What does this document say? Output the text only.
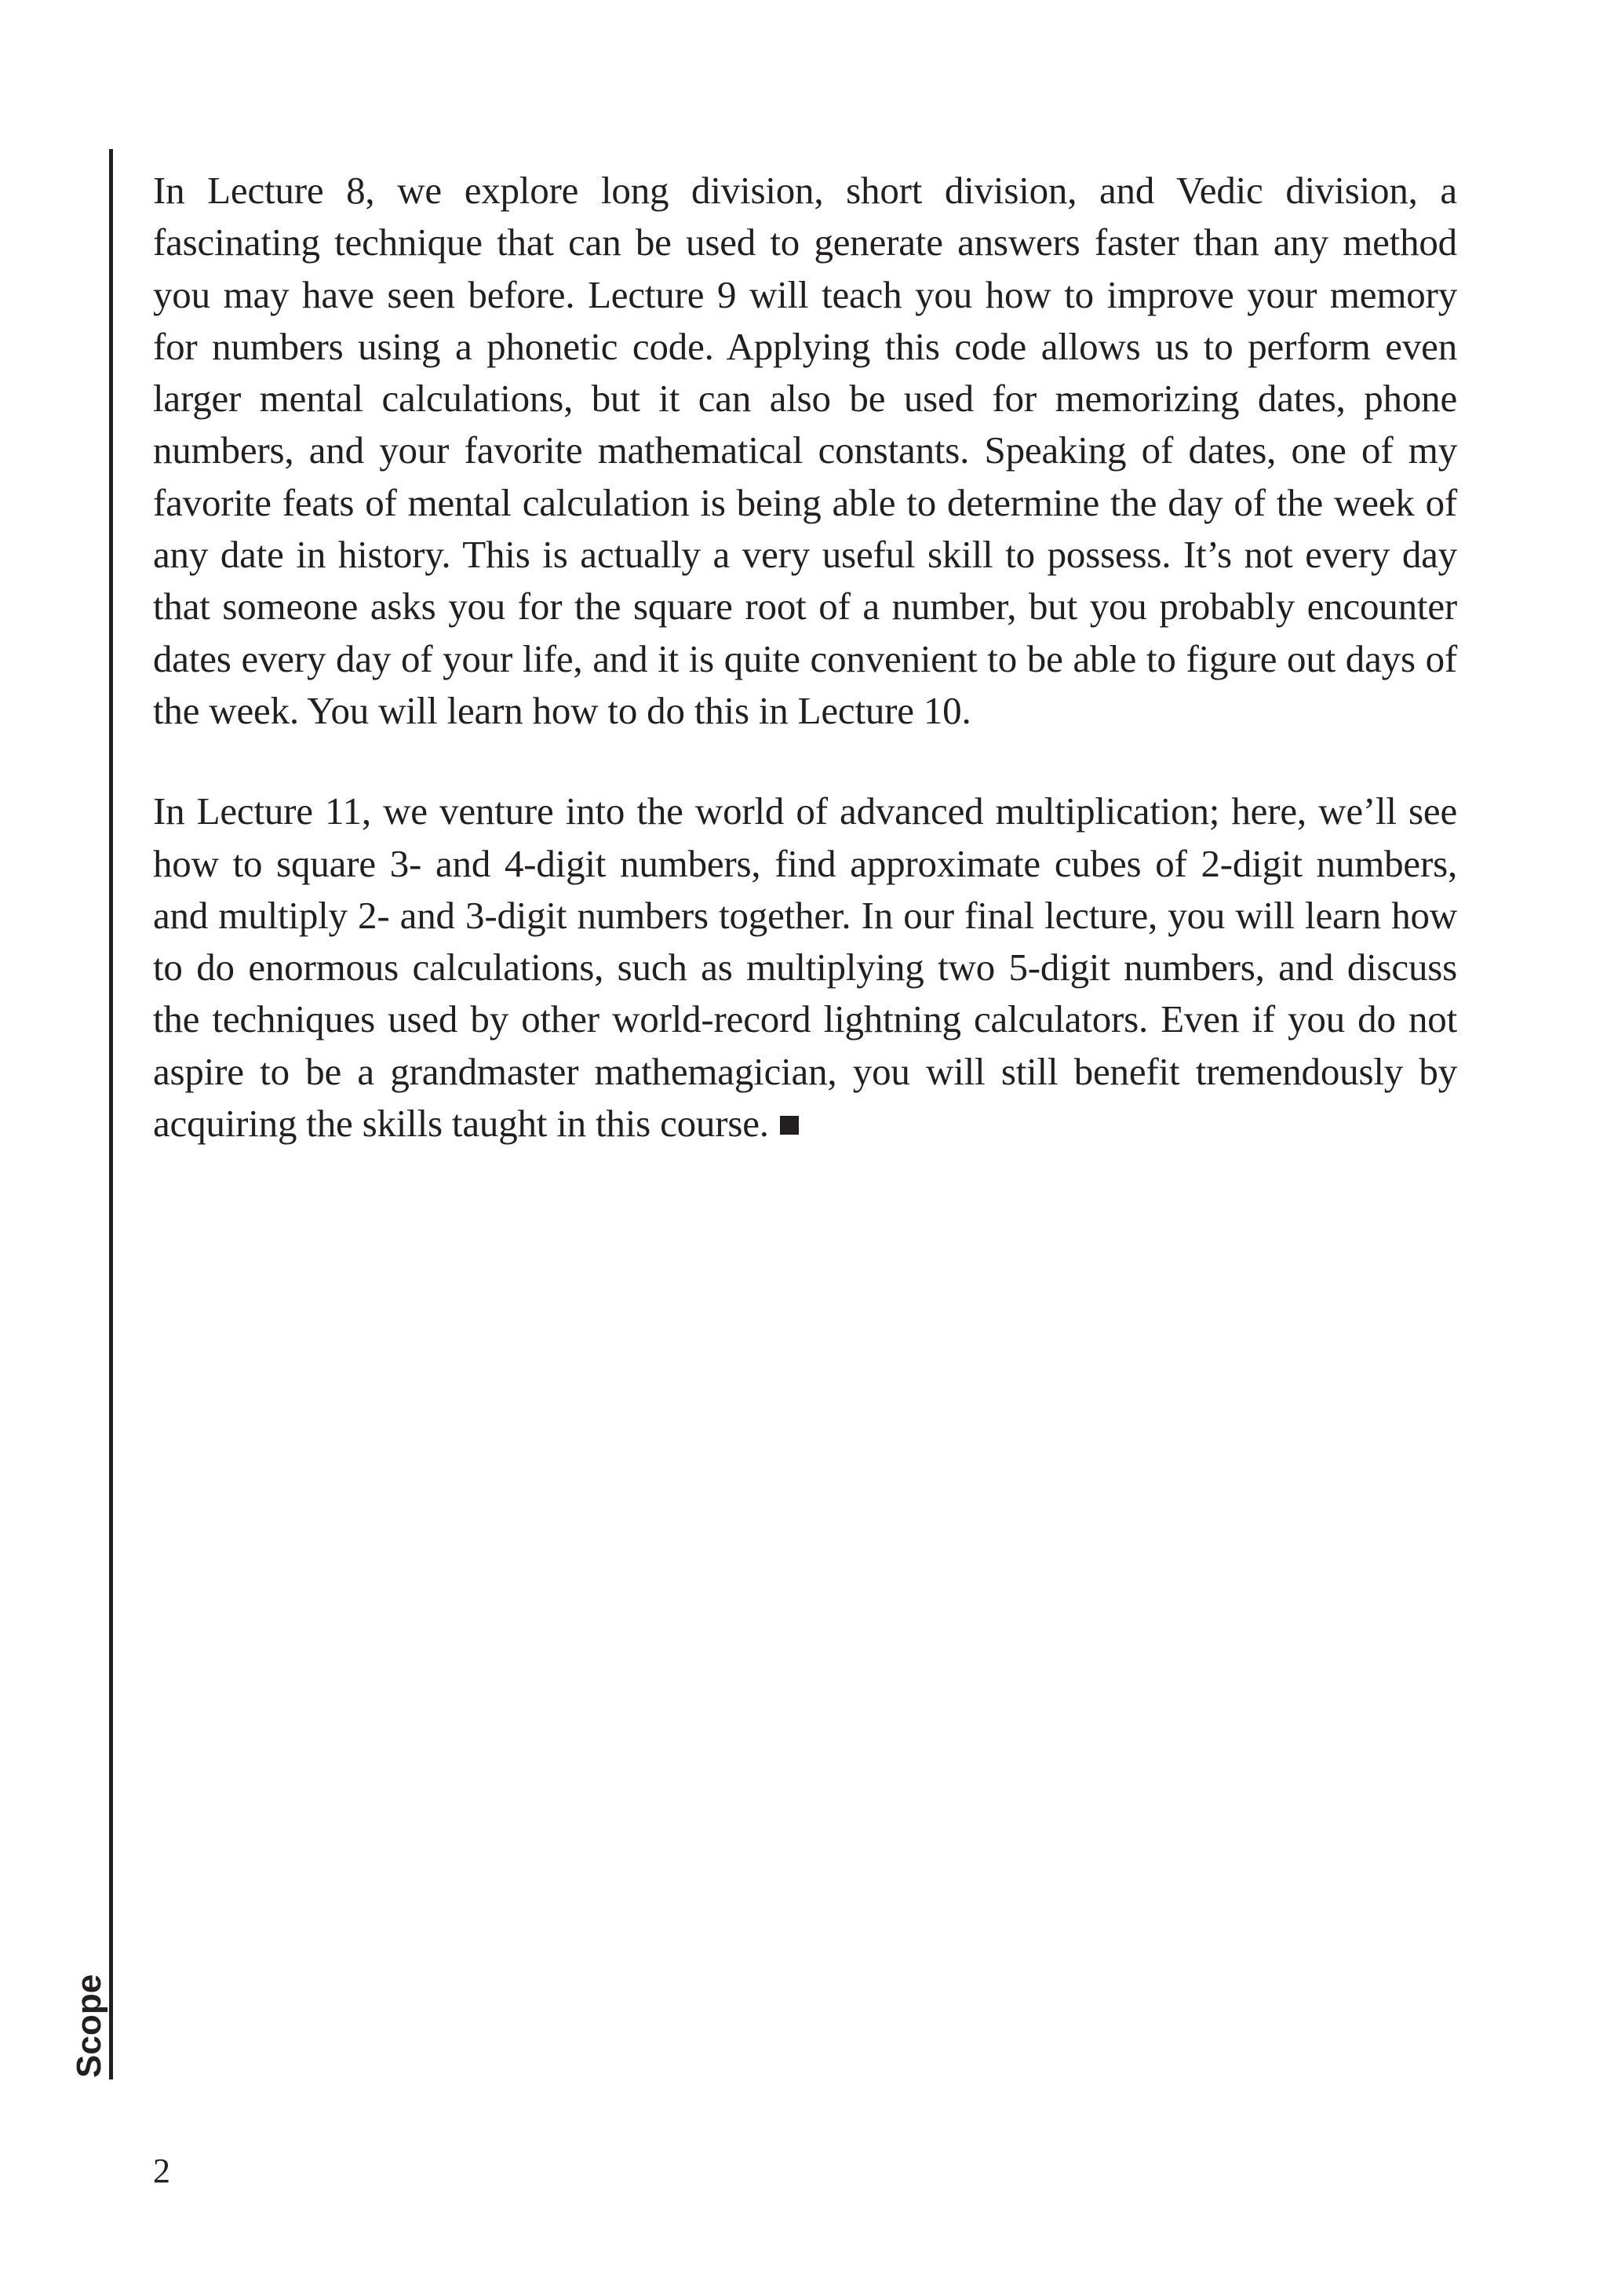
Scope

In Lecture 8, we explore long division, short division, and Vedic division, a fascinating technique that can be used to generate answers faster than any method you may have seen before. Lecture 9 will teach you how to improve your memory for numbers using a phonetic code. Applying this code allows us to perform even larger mental calculations, but it can also be used for memorizing dates, phone numbers, and your favorite mathematical constants. Speaking of dates, one of my favorite feats of mental calculation is being able to determine the day of the week of any date in history. This is actually a very useful skill to possess. It’s not every day that someone asks you for the square root of a number, but you probably encounter dates every day of your life, and it is quite convenient to be able to figure out days of the week. You will learn how to do this in Lecture 10.

In Lecture 11, we venture into the world of advanced multiplication; here, we’ll see how to square 3- and 4-digit numbers, find approximate cubes of 2-digit numbers, and multiply 2- and 3-digit numbers together. In our final lecture, you will learn how to do enormous calculations, such as multiplying two 5-digit numbers, and discuss the techniques used by other world-record lightning calculators. Even if you do not aspire to be a grandmaster mathemagician, you will still benefit tremendously by acquiring the skills taught in this course.

2
